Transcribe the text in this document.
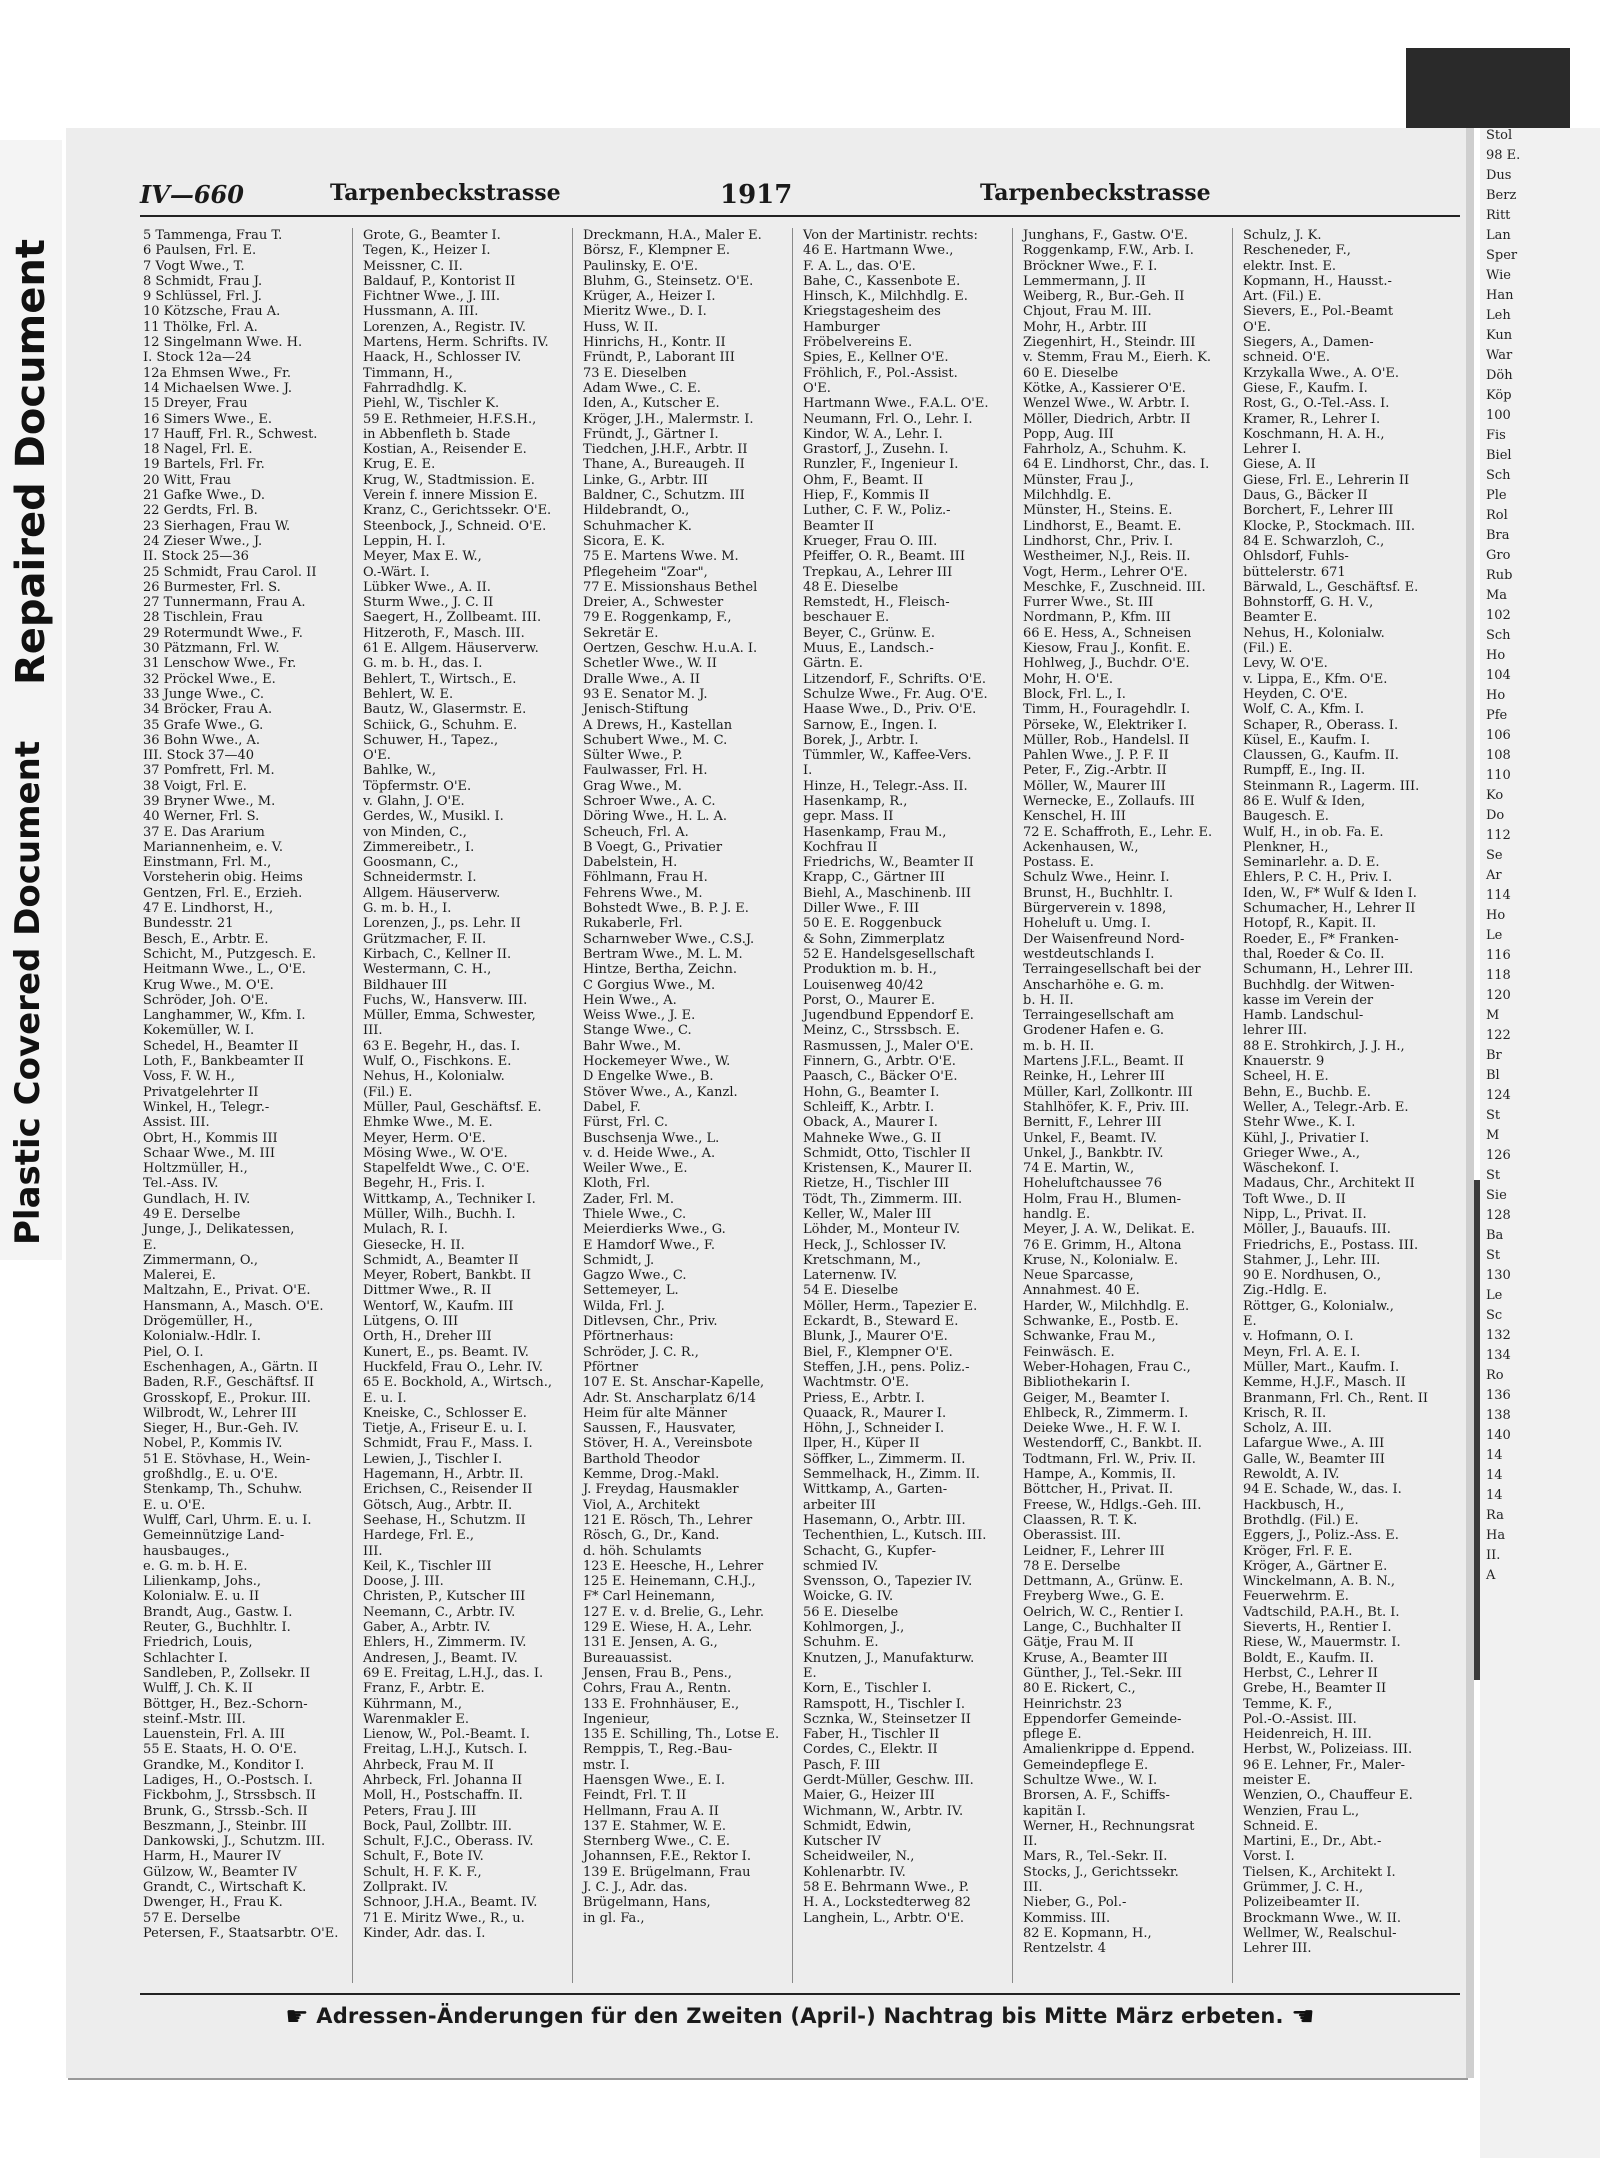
Repaired Document
Plastic Covered Document
Stol
98 E.
Dus
Berz
Ritt
Lan
Sper
Wie
Han
Leh
Kun
War
Döh
Köp
100
Fis
Biel
Sch
Ple
Rol
Bra
Gro
Rub
Ma
102
Sch
Ho
104
Ho
Pfe
106
108
110
Ko
Do
112
Se
Ar
114
Ho
Le
116
118
120
M
122
Br
Bl
124
St
M
126
St
Sie
128
Ba
St
130
Le
Sc
132
134
Ro
136
138
140
14
14
14
Ra
Ha
II.
A
IV—660	Tarpenbeckstrasse	1917	Tarpenbeckstrasse
5 Tammenga, Frau T.
6 Paulsen, Frl. E.
7 Vogt Wwe., T.
8 Schmidt, Frau J.
9 Schlüssel, Frl. J.
10 Kötzsche, Frau A.
11 Thölke, Frl. A.
12 Singelmann Wwe. H.
I. Stock 12a—24
12a Ehmsen Wwe., Fr.
14 Michaelsen Wwe. J.
15 Dreyer, Frau
16 Simers Wwe., E.
17 Hauff, Frl. R., Schwest.
18 Nagel, Frl. E.
19 Bartels, Frl. Fr.
20 Witt, Frau
21 Gafke Wwe., D.
22 Gerdts, Frl. B.
23 Sierhagen, Frau W.
24 Zieser Wwe., J.
II. Stock 25—36
25 Schmidt, Frau Carol. II
26 Burmester, Frl. S.
27 Tunnermann, Frau A.
28 Tischlein, Frau
29 Rotermundt Wwe., F.
30 Pätzmann, Frl. W.
31 Lenschow Wwe., Fr.
32 Pröckel Wwe., E.
33 Junge Wwe., C.
34 Bröcker, Frau A.
35 Grafe Wwe., G.
36 Bohn Wwe., A.
III. Stock 37—40
37 Pomfrett, Frl. M.
38 Voigt, Frl. E.
39 Bryner Wwe., M.
40 Werner, Frl. S.
37 E. Das Ararium
Mariannenheim, e. V.
Einstmann, Frl. M.,
Vorsteherin obig. Heims
Gentzen, Frl. E., Erzieh.
47 E. Lindhorst, H.,
Bundesstr. 21
Besch, E., Arbtr. E.
Schicht, M., Putzgesch. E.
Heitmann Wwe., L., O'E.
Krug Wwe., M. O'E.
Schröder, Joh. O'E.
Langhammer, W., Kfm. I.
Kokemüller, W. I.
Schedel, H., Beamter II
Loth, F., Bankbeamter II
Voss, F. W. H.,
Privatgelehrter II
Winkel, H., Telegr.-
Assist. III.
Obrt, H., Kommis III
Schaar Wwe., M. III
Holtzmüller, H.,
Tel.-Ass. IV.
Gundlach, H. IV.
49 E. Derselbe
Junge, J., Delikatessen,
E.
Zimmermann, O.,
Malerei, E.
Maltzahn, E., Privat. O'E.
Hansmann, A., Masch. O'E.
Drögemüller, H.,
Kolonialw.-Hdlr. I.
Piel, O. I.
Eschenhagen, A., Gärtn. II
Baden, R.F., Geschäftsf. II
Grosskopf, E., Prokur. III.
Wilbrodt, W., Lehrer III
Sieger, H., Bur.-Geh. IV.
Nobel, P., Kommis IV.
51 E. Stövhase, H., Wein-
großhdlg., E. u. O'E.
Stenkamp, Th., Schuhw.
E. u. O'E.
Wulff, Carl, Uhrm. E. u. I.
Gemeinnützige Land-
hausbauges.,
e. G. m. b. H. E.
Lilienkamp, Johs.,
Kolonialw. E. u. II
Brandt, Aug., Gastw. I.
Reuter, G., Buchhltr. I.
Friedrich, Louis,
Schlachter I.
Sandleben, P., Zollsekr. II
Wulff, J. Ch. K. II
Böttger, H., Bez.-Schorn-
steinf.-Mstr. III.
Lauenstein, Frl. A. III
55 E. Staats, H. O. O'E.
Grandke, M., Konditor I.
Ladiges, H., O.-Postsch. I.
Fickbohm, J., Strssbsch. II
Brunk, G., Strssb.-Sch. II
Beszmann, J., Steinbr. III
Dankowski, J., Schutzm. III.
Harm, H., Maurer IV
Gülzow, W., Beamter IV
Grandt, C., Wirtschaft K.
Dwenger, H., Frau K.
57 E. Derselbe
Petersen, F., Staatsarbtr. O'E.
Grote, G., Beamter I.
Tegen, K., Heizer I.
Meissner, C. II.
Baldauf, P., Kontorist II
Fichtner Wwe., J. III.
Hussmann, A. III.
Lorenzen, A., Registr. IV.
Martens, Herm. Schrifts. IV.
Haack, H., Schlosser IV.
Timmann, H.,
Fahrradhdlg. K.
Piehl, W., Tischler K.
59 E. Rethmeier, H.F.S.H.,
in Abbenfleth b. Stade
Kostian, A., Reisender E.
Krug, E. E.
Krug, W., Stadtmission. E.
Verein f. innere Mission E.
Kranz, C., Gerichtssekr. O'E.
Steenbock, J., Schneid. O'E.
Leppin, H. I.
Meyer, Max E. W.,
O.-Wärt. I.
Lübker Wwe., A. II.
Sturm Wwe., J. C. II
Saegert, H., Zollbeamt. III.
Hitzeroth, F., Masch. III.
61 E. Allgem. Häuserverw.
G. m. b. H., das. I.
Behlert, T., Wirtsch., E.
Behlert, W. E.
Bautz, W., Glasermstr. E.
Schiick, G., Schuhm. E.
Schuwer, H., Tapez.,
O'E.
Bahlke, W.,
Töpfermstr. O'E.
v. Glahn, J. O'E.
Gerdes, W., Musikl. I.
von Minden, C.,
Zimmereibetr., I.
Goosmann, C.,
Schneidermstr. I.
Allgem. Häuserverw.
G. m. b. H., I.
Lorenzen, J., ps. Lehr. II
Grützmacher, F. II.
Kirbach, C., Kellner II.
Westermann, C. H.,
Bildhauer III
Fuchs, W., Hansverw. III.
Müller, Emma, Schwester,
III.
63 E. Begehr, H., das. I.
Wulf, O., Fischkons. E.
Nehus, H., Kolonialw.
(Fil.) E.
Müller, Paul, Geschäftsf. E.
Ehmke Wwe., M. E.
Meyer, Herm. O'E.
Mösing Wwe., W. O'E.
Stapelfeldt Wwe., C. O'E.
Begehr, H., Fris. I.
Wittkamp, A., Techniker I.
Müller, Wilh., Buchh. I.
Mulach, R. I.
Giesecke, H. II.
Schmidt, A., Beamter II
Meyer, Robert, Bankbt. II
Dittmer Wwe., R. II
Wentorf, W., Kaufm. III
Lütgens, O. III
Orth, H., Dreher III
Kunert, E., ps. Beamt. IV.
Huckfeld, Frau O., Lehr. IV.
65 E. Bockhold, A., Wirtsch.,
E. u. I.
Kneiske, C., Schlosser E.
Tietje, A., Friseur E. u. I.
Schmidt, Frau F., Mass. I.
Lewien, J., Tischler I.
Hagemann, H., Arbtr. II.
Erichsen, C., Reisender II
Götsch, Aug., Arbtr. II.
Seehase, H., Schutzm. II
Hardege, Frl. E.,
III.
Keil, K., Tischler III
Doose, J. III.
Christen, P., Kutscher III
Neemann, C., Arbtr. IV.
Gaber, A., Arbtr. IV.
Ehlers, H., Zimmerm. IV.
Andresen, J., Beamt. IV.
69 E. Freitag, L.H.J., das. I.
Franz, F., Arbtr. E.
Kührmann, M.,
Warenmakler E.
Lienow, W., Pol.-Beamt. I.
Freitag, L.H.J., Kutsch. I.
Ahrbeck, Frau M. II
Ahrbeck, Frl. Johanna II
Moll, H., Postschaffn. II.
Peters, Frau J. III
Bock, Paul, Zollbtr. III.
Schult, F.J.C., Oberass. IV.
Schult, F., Bote IV.
Schult, H. F. K. F.,
Zollprakt. IV.
Schnoor, J.H.A., Beamt. IV.
71 E. Miritz Wwe., R., u.
Kinder, Adr. das. I.
Dreckmann, H.A., Maler E.
Börsz, F., Klempner E.
Paulinsky, E. O'E.
Bluhm, G., Steinsetz. O'E.
Krüger, A., Heizer I.
Mieritz Wwe., D. I.
Huss, W. II.
Hinrichs, H., Kontr. II
Fründt, P., Laborant III
73 E. Dieselben
Adam Wwe., C. E.
Iden, A., Kutscher E.
Kröger, J.H., Malermstr. I.
Fründt, J., Gärtner I.
Tiedchen, J.H.F., Arbtr. II
Thane, A., Bureaugeh. II
Linke, G., Arbtr. III
Baldner, C., Schutzm. III
Hildebrandt, O.,
Schuhmacher K.
Sicora, E. K.
75 E. Martens Wwe. M.
Pflegeheim "Zoar",
77 E. Missionshaus Bethel
Dreier, A., Schwester
79 E. Roggenkamp, F.,
Sekretär E.
Oertzen, Geschw. H.u.A. I.
Schetler Wwe., W. II
Dralle Wwe., A. II
93 E. Senator M. J.
Jenisch-Stiftung
A Drews, H., Kastellan
Schubert Wwe., M. C.
Sülter Wwe., P.
Faulwasser, Frl. H.
Grag Wwe., M.
Schroer Wwe., A. C.
Döring Wwe., H. L. A.
Scheuch, Frl. A.
B Voegt, G., Privatier
Dabelstein, H.
Föhlmann, Frau H.
Fehrens Wwe., M.
Bohstedt Wwe., B. P. J. E.
Rukaberle, Frl.
Scharnweber Wwe., C.S.J.
Bertram Wwe., M. L. M.
Hintze, Bertha, Zeichn.
C Gorgius Wwe., M.
Hein Wwe., A.
Weiss Wwe., J. E.
Stange Wwe., C.
Bahr Wwe., M.
Hockemeyer Wwe., W.
D Engelke Wwe., B.
Stöver Wwe., A., Kanzl.
Dabel, F.
Fürst, Frl. C.
Buschsenja Wwe., L.
v. d. Heide Wwe., A.
Weiler Wwe., E.
Kloth, Frl.
Zader, Frl. M.
Thiele Wwe., C.
Meierdierks Wwe., G.
E Hamdorf Wwe., F.
Schmidt, J.
Gagzo Wwe., C.
Settemeyer, L.
Wilda, Frl. J.
Ditlevsen, Chr., Priv.
Pförtnerhaus:
Schröder, J. C. R.,
Pförtner
107 E. St. Anschar-Kapelle,
Adr. St. Anscharplatz 6/14
Heim für alte Männer
Saussen, F., Hausvater,
Stöver, H. A., Vereinsbote
Barthold Theodor
Kemme, Drog.-Makl.
J. Freydag, Hausmakler
Viol, A., Architekt
121 E. Rösch, Th., Lehrer
Rösch, G., Dr., Kand.
d. höh. Schulamts
123 E. Heesche, H., Lehrer
125 E. Heinemann, C.H.J.,
F* Carl Heinemann,
127 E. v. d. Brelie, G., Lehr.
129 E. Wiese, H. A., Lehr.
131 E. Jensen, A. G.,
Bureauassist.
Jensen, Frau B., Pens.,
Cohrs, Frau A., Rentn.
133 E. Frohnhäuser, E.,
Ingenieur,
135 E. Schilling, Th., Lotse E.
Remppis, T., Reg.-Bau-
mstr. I.
Haensgen Wwe., E. I.
Feindt, Frl. T. II
Hellmann, Frau A. II
137 E. Stahmer, W. E.
Sternberg Wwe., C. E.
Johannsen, F.E., Rektor I.
139 E. Brügelmann, Frau
J. C. J., Adr. das.
Brügelmann, Hans,
in gl. Fa.,
Von der Martinistr. rechts:
46 E. Hartmann Wwe.,
F. A. L., das. O'E.
Bahe, C., Kassenbote E.
Hinsch, K., Milchhdlg. E.
Kriegstagesheim des
Hamburger
Fröbelvereins E.
Spies, E., Kellner O'E.
Fröhlich, F., Pol.-Assist.
O'E.
Hartmann Wwe., F.A.L. O'E.
Neumann, Frl. O., Lehr. I.
Kindor, W. A., Lehr. I.
Grastorf, J., Zusehn. I.
Runzler, F., Ingenieur I.
Ohm, F., Beamt. II
Hiep, F., Kommis II
Luther, C. F. W., Poliz.-
Beamter II
Krueger, Frau O. III.
Pfeiffer, O. R., Beamt. III
Trepkau, A., Lehrer III
48 E. Dieselbe
Remstedt, H., Fleisch-
beschauer E.
Beyer, C., Grünw. E.
Muus, E., Landsch.-
Gärtn. E.
Litzendorf, F., Schrifts. O'E.
Schulze Wwe., Fr. Aug. O'E.
Haase Wwe., D., Priv. O'E.
Sarnow, E., Ingen. I.
Borek, J., Arbtr. I.
Tümmler, W., Kaffee-Vers.
I.
Hinze, H., Telegr.-Ass. II.
Hasenkamp, R.,
gepr. Mass. II
Hasenkamp, Frau M.,
Kochfrau II
Friedrichs, W., Beamter II
Krapp, C., Gärtner III
Biehl, A., Maschinenb. III
Diller Wwe., F. III
50 E. E. Roggenbuck
& Sohn, Zimmerplatz
52 E. Handelsgesellschaft
Produktion m. b. H.,
Louisenweg 40/42
Porst, O., Maurer E.
Jugendbund Eppendorf E.
Meinz, C., Strssbsch. E.
Rasmussen, J., Maler O'E.
Finnern, G., Arbtr. O'E.
Paasch, C., Bäcker O'E.
Hohn, G., Beamter I.
Schleiff, K., Arbtr. I.
Oback, A., Maurer I.
Mahneke Wwe., G. II
Schmidt, Otto, Tischler II
Kristensen, K., Maurer II.
Rietze, H., Tischler III
Tödt, Th., Zimmerm. III.
Keller, W., Maler III
Löhder, M., Monteur IV.
Heck, J., Schlosser IV.
Kretschmann, M.,
Laternenw. IV.
54 E. Dieselbe
Möller, Herm., Tapezier E.
Eckardt, B., Steward E.
Blunk, J., Maurer O'E.
Biel, F., Klempner O'E.
Steffen, J.H., pens. Poliz.-
Wachtmstr. O'E.
Priess, E., Arbtr. I.
Quaack, R., Maurer I.
Höhn, J., Schneider I.
Ilper, H., Küper II
Söffker, L., Zimmerm. II.
Semmelhack, H., Zimm. II.
Wittkamp, A., Garten-
arbeiter III
Hasemann, O., Arbtr. III.
Techenthien, L., Kutsch. III.
Schacht, G., Kupfer-
schmied IV.
Svensson, O., Tapezier IV.
Woicke, G. IV.
56 E. Dieselbe
Kohlmorgen, J.,
Schuhm. E.
Knutzen, J., Manufakturw.
E.
Korn, E., Tischler I.
Ramspott, H., Tischler I.
Scznka, W., Steinsetzer II
Faber, H., Tischler II
Cordes, C., Elektr. II
Pasch, F. III
Gerdt-Müller, Geschw. III.
Maier, G., Heizer III
Wichmann, W., Arbtr. IV.
Schmidt, Edwin,
Kutscher IV
Scheidweiler, N.,
Kohlenarbtr. IV.
58 E. Behrmann Wwe., P.
H. A., Lockstedterweg 82
Langhein, L., Arbtr. O'E.
Junghans, F., Gastw. O'E.
Roggenkamp, F.W., Arb. I.
Bröckner Wwe., F. I.
Lemmermann, J. II
Weiberg, R., Bur.-Geh. II
Chjout, Frau M. III.
Mohr, H., Arbtr. III
Ziegenhirt, H., Steindr. III
v. Stemm, Frau M., Eierh. K.
60 E. Dieselbe
Kötke, A., Kassierer O'E.
Wenzel Wwe., W. Arbtr. I.
Möller, Diedrich, Arbtr. II
Popp, Aug. III
Fahrholz, A., Schuhm. K.
64 E. Lindhorst, Chr., das. I.
Münster, Frau J.,
Milchhdlg. E.
Münster, H., Steins. E.
Lindhorst, E., Beamt. E.
Lindhorst, Chr., Priv. I.
Westheimer, N.J., Reis. II.
Vogt, Herm., Lehrer O'E.
Meschke, F., Zuschneid. III.
Furrer Wwe., St. III
Nordmann, P., Kfm. III
66 E. Hess, A., Schneisen
Kiesow, Frau J., Konfit. E.
Hohlweg, J., Buchdr. O'E.
Mohr, H. O'E.
Block, Frl. L., I.
Timm, H., Fouragehdlr. I.
Pörseke, W., Elektriker I.
Müller, Rob., Handelsl. II
Pahlen Wwe., J. P. F. II
Peter, F., Zig.-Arbtr. II
Möller, W., Maurer III
Wernecke, E., Zollaufs. III
Kenschel, H. III
72 E. Schaffroth, E., Lehr. E.
Ackenhausen, W.,
Postass. E.
Schulz Wwe., Heinr. I.
Brunst, H., Buchhltr. I.
Bürgerverein v. 1898,
Hoheluft u. Umg. I.
Der Waisenfreund Nord-
westdeutschlands I.
Terraingesellschaft bei der
Anscharhöhe e. G. m.
b. H. II.
Terraingesellschaft am
Grodener Hafen e. G.
m. b. H. II.
Martens J.F.L., Beamt. II
Reinke, H., Lehrer III
Müller, Karl, Zollkontr. III
Stahlhöfer, K. F., Priv. III.
Bernitt, F., Lehrer III
Unkel, F., Beamt. IV.
Unkel, J., Bankbtr. IV.
74 E. Martin, W.,
Hoheluftchaussee 76
Holm, Frau H., Blumen-
handlg. E.
Meyer, J. A. W., Delikat. E.
76 E. Grimm, H., Altona
Kruse, N., Kolonialw. E.
Neue Sparcasse,
Annahmest. 40 E.
Harder, W., Milchhdlg. E.
Schwanke, E., Postb. E.
Schwanke, Frau M.,
Feinwäsch. E.
Weber-Hohagen, Frau C.,
Bibliothekarin I.
Geiger, M., Beamter I.
Ehlbeck, R., Zimmerm. I.
Deieke Wwe., H. F. W. I.
Westendorff, C., Bankbt. II.
Todtmann, Frl. W., Priv. II.
Hampe, A., Kommis, II.
Böttcher, H., Privat. II.
Freese, W., Hdlgs.-Geh. III.
Claassen, R. T. K.
Oberassist. III.
Leidner, F., Lehrer III
78 E. Derselbe
Dettmann, A., Grünw. E.
Freyberg Wwe., G. E.
Oelrich, W. C., Rentier I.
Lange, C., Buchhalter II
Gätje, Frau M. II
Kruse, A., Beamter III
Günther, J., Tel.-Sekr. III
80 E. Rickert, C.,
Heinrichstr. 23
Eppendorfer Gemeinde-
pflege E.
Amalienkrippe d. Eppend.
Gemeindepflege E.
Schultze Wwe., W. I.
Brorsen, A. F., Schiffs-
kapitän I.
Werner, H., Rechnungsrat
II.
Mars, R., Tel.-Sekr. II.
Stocks, J., Gerichtssekr.
III.
Nieber, G., Pol.-
Kommiss. III.
82 E. Kopmann, H.,
Rentzelstr. 4
Schulz, J. K.
Reschenedеr, F.,
elektr. Inst. E.
Kopmann, H., Hausst.-
Art. (Fil.) E.
Sievers, E., Pol.-Beamt
O'E.
Siegers, A., Damen-
schneid. O'E.
Krzykalla Wwe., A. O'E.
Giese, F., Kaufm. I.
Rost, G., O.-Tel.-Ass. I.
Kramer, R., Lehrer I.
Koschmann, H. A. H.,
Lehrer I.
Giese, A. II
Giese, Frl. E., Lehrerin II
Daus, G., Bäcker II
Borchert, F., Lehrer III
Klocke, P., Stockmach. III.
84 E. Schwarzloh, C.,
Ohlsdorf, Fuhls-
büttelerstr. 671
Bärwald, L., Geschäftsf. E.
Bohnstorff, G. H. V.,
Beamter E.
Nehus, H., Kolonialw.
(Fil.) E.
Levy, W. O'E.
v. Lippa, E., Kfm. O'E.
Heyden, C. O'E.
Wolf, C. A., Kfm. I.
Schaper, R., Oberass. I.
Küsel, E., Kaufm. I.
Claussen, G., Kaufm. II.
Rumpff, E., Ing. II.
Steinmann R., Lagerm. III.
86 E. Wulf & Iden,
Baugesch. E.
Wulf, H., in ob. Fa. E.
Plenkner, H.,
Seminarlehr. a. D. E.
Ehlers, P. C. H., Priv. I.
Iden, W., F* Wulf & Iden I.
Schumacher, H., Lehrer II
Hotopf, R., Kapit. II.
Roeder, E., F* Franken-
thal, Roeder & Co. II.
Schumann, H., Lehrer III.
Buchhdlg. der Witwen-
kasse im Verein der
Hamb. Landschul-
lehrer III.
88 E. Strohkirch, J. J. H.,
Knauerstr. 9
Scheel, H. E.
Behn, E., Buchb. E.
Weller, A., Telegr.-Arb. E.
Stehr Wwe., K. I.
Kühl, J., Privatier I.
Grieger Wwe., A.,
Wäschekonf. I.
Madaus, Chr., Architekt II
Toft Wwe., D. II
Nipp, L., Privat. II.
Möller, J., Bauaufs. III.
Friedrichs, E., Postass. III.
Stahmer, J., Lehr. III.
90 E. Nordhusen, O.,
Zig.-Hdlg. E.
Röttger, G., Kolonialw.,
E.
v. Hofmann, O. I.
Meyn, Frl. A. E. I.
Müller, Mart., Kaufm. I.
Kemme, H.J.F., Masch. II
Branmann, Frl. Ch., Rent. II
Krisch, R. II.
Scholz, A. III.
Lafargue Wwe., A. III
Galle, W., Beamter III
Rewoldt, A. IV.
94 E. Schade, W., das. I.
Hackbusch, H.,
Brothdlg. (Fil.) E.
Eggers, J., Poliz.-Ass. E.
Kröger, Frl. F. E.
Kröger, A., Gärtner E.
Winckelmann, A. B. N.,
Feuerwehrm. E.
Vadtschild, P.A.H., Bt. I.
Sieverts, H., Rentier I.
Riese, W., Mauermstr. I.
Boldt, E., Kaufm. II.
Herbst, C., Lehrer II
Grebe, H., Beamter II
Temme, K. F.,
Pol.-O.-Assist. III.
Heidenreich, H. III.
Herbst, W., Polizeiass. III.
96 E. Lehner, Fr., Maler-
meister E.
Wenzien, O., Chauffeur E.
Wenzien, Frau L.,
Schneid. E.
Martini, E., Dr., Abt.-
Vorst. I.
Tielsen, K., Architekt I.
Grümmer, J. C. H.,
Polizeibeamter II.
Brockmann Wwe., W. II.
Wellmer, W., Realschul-
Lehrer III.
☛ Adressen-Änderungen für den Zweiten (April-) Nachtrag bis Mitte März erbeten. ☚
